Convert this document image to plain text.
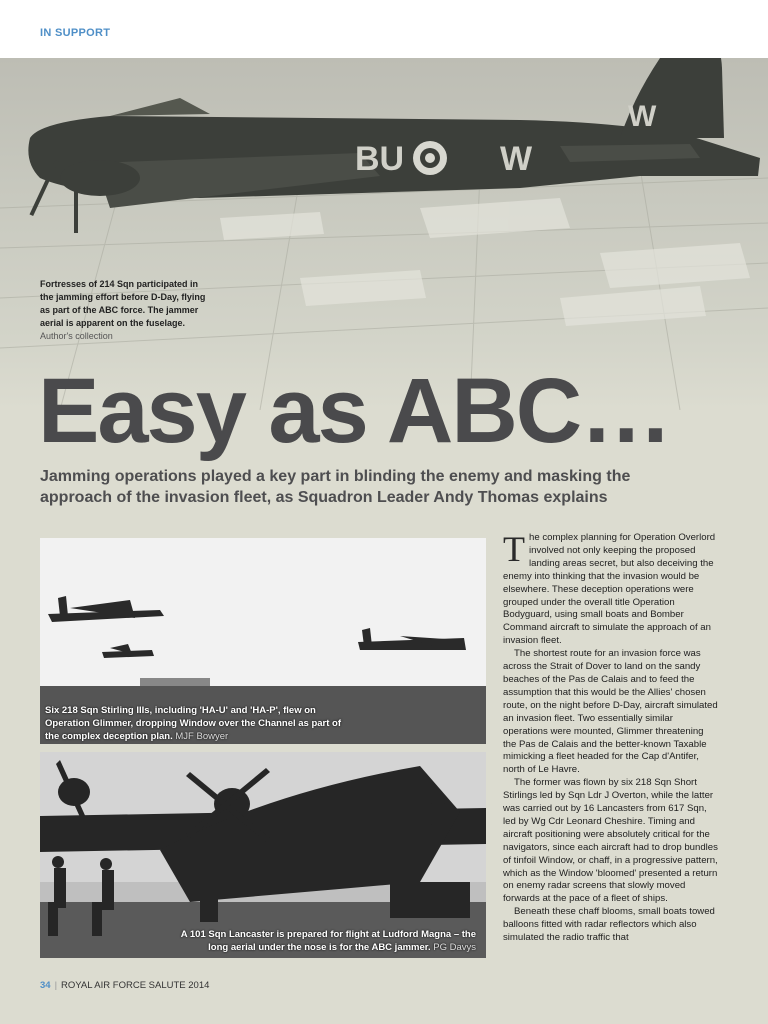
IN SUPPORT
BU	W
W
Fortresses of 214 Sqn participated in the jamming effort before D-Day, flying as part of the ABC force. The jammer aerial is apparent on the fuselage. Author's collection
Easy as ABC…
Jamming operations played a key part in blinding the enemy and masking the approach of the invasion fleet, as Squadron Leader Andy Thomas explains
Six 218 Sqn Stirling IIIs, including 'HA-U' and 'HA-P', flew on Operation Glimmer, dropping Window over the Channel as part of the complex deception plan. MJF Bowyer
A 101 Sqn Lancaster is prepared for flight at Ludford Magna – the long aerial under the nose is for the ABC jammer. PG Davys

The complex planning for Operation Overlord involved not only keeping the proposed landing areas secret, but also deceiving the enemy into thinking that the invasion would be elsewhere. These deception operations were grouped under the overall title Operation Bodyguard, using small boats and Bomber Command aircraft to simulate the approach of an invasion fleet.

The shortest route for an invasion force was across the Strait of Dover to land on the sandy beaches of the Pas de Calais and to feed the assumption that this would be the Allies' chosen route, on the night before D-Day, aircraft simulated an invasion fleet. Two essentially similar operations were mounted, Glimmer threatening the Pas de Calais and the better-known Taxable mimicking a fleet headed for the Cap d'Antifer, north of Le Havre.

The former was flown by six 218 Sqn Short Stirlings led by Sqn Ldr J Overton, while the latter was carried out by 16 Lancasters from 617 Sqn, led by Wg Cdr Leonard Cheshire. Timing and aircraft positioning were absolutely critical for the navigators, since each aircraft had to drop bundles of tinfoil Window, or chaff, in a progressive pattern, which as the Window 'bloomed' presented a return on enemy radar screens that slowly moved forwards at the pace of a fleet of ships.

Beneath these chaff blooms, small boats towed balloons fitted with radar reflectors which also simulated the radio traffic that

34 | ROYAL AIR FORCE SALUTE 2014
